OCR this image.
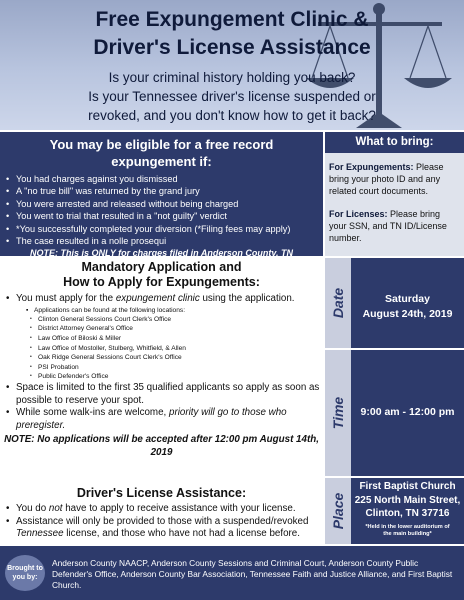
Free Expungement Clinic &
Driver's License Assistance
Is your criminal history holding you back?
Is your Tennessee driver's license suspended or
revoked, and you don't know how to get it back?
You may be eligible for a free record
expungement if:
• You had charges against you dismissed
• A "no true bill" was returned by the grand jury
• You were arrested and released without being charged
• You went to trial that resulted in a "not guilty" verdict
• *You successfully completed your diversion (*Filing fees may apply)
• The case resulted in a nolle prosequi
NOTE: This is ONLY for charges filed in Anderson County, TN
What to bring:

For Expungements: Please bring your photo ID and any related court documents.

For Licenses: Please bring your SSN, and TN ID/License number.

Mandatory Application and
How to Apply for Expungements:
• You must apply for the expungement clinic using the application.
▪ Applications can be found at the following locations:
• Clinton General Sessions Court Clerk's Office
• District Attorney General's Office
• Law Office of Biloski & Miller
• Law Office of Mostoller, Stulberg, Whitfield, & Allen
• Oak Ridge General Sessions Court Clerk's Office
• PSI Probation
• Public Defender's Office
• Space is limited to the first 35 qualified applicants so apply as soon as possible to reserve your spot.
• While some walk-ins are welcome, priority will go to those who preregister.
NOTE: No applications will be accepted after 12:00 pm August 14th, 2019
Driver's License Assistance:
• You do not have to apply to receive assistance with your license.
• Assistance will only be provided to those with a suspended/revoked Tennessee license, and those who have not had a license before.
Date	Saturday
August 24th, 2019
Time	9:00 am - 12:00 pm
Place
First Baptist Church
225 North Main Street,
Clinton, TN 37716
*Held in the lower auditorium of the main building*
Brought to you by:
Anderson County NAACP, Anderson County Sessions and Criminal Court, Anderson County Public Defender's Office, Anderson County Bar Association, Tennessee Faith and Justice Alliance, and First Baptist Church.
